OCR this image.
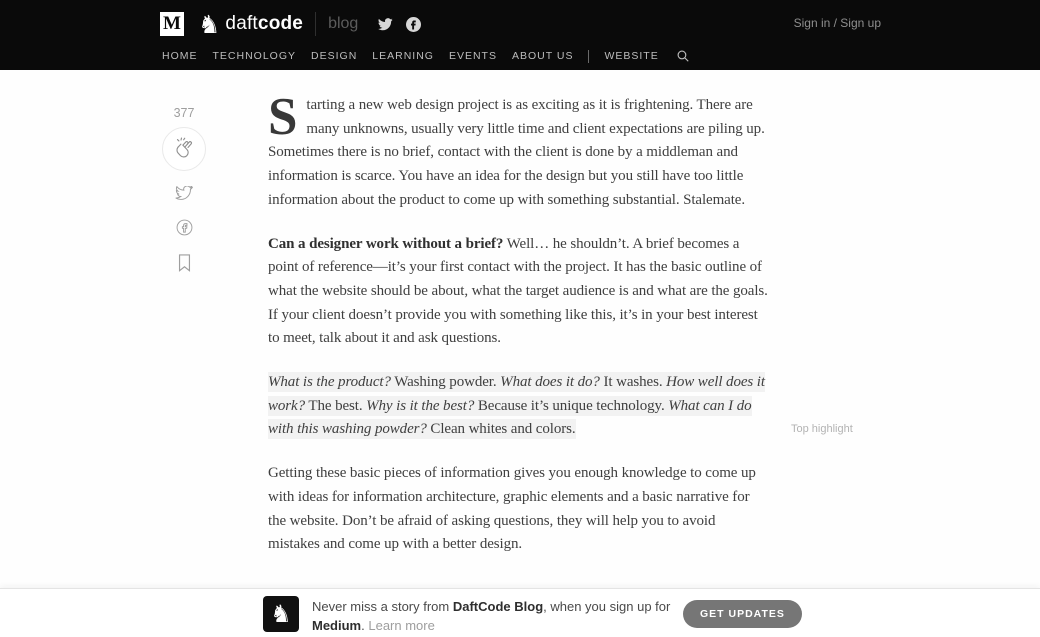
M ♞ daftcode blog	Sign in / Sign up
HOME TECHNOLOGY DESIGN LEARNING EVENTS ABOUT US	WEBSITE
377 Starting a new web design project is as exciting as it is frightening. There are many unknowns, usually very little time and client expectations are piling up. Sometimes there is no brief, contact with the client is done by a middleman and information is scarce. You have an idea for the design but you still have too little information about the product to come up with something substantial. Stalemate.

Can a designer work without a brief? Well… he shouldn’t. A brief becomes a point of reference—it’s your first contact with the project. It has the basic outline of what the website should be about, what the target audience is and what are the goals. If your client doesn’t provide you with something like this, it’s in your best interest to meet, talk about it and ask questions.

What is the product? Washing powder. What does it do? It washes. How well does it work? The best. Why is it the best? Because it’s unique technology. What can I do with this washing powder? Clean whites and colors.

Getting these basic pieces of information gives you enough knowledge to come up with ideas for information architecture, graphic elements and a basic narrative for the website. Don’t be afraid of asking questions, they will help you to avoid mistakes and come up with a better design.

Top highlight
♞ Never miss a story from DaftCode Blog, when you sign up for Medium. Learn more

GET UPDATES
